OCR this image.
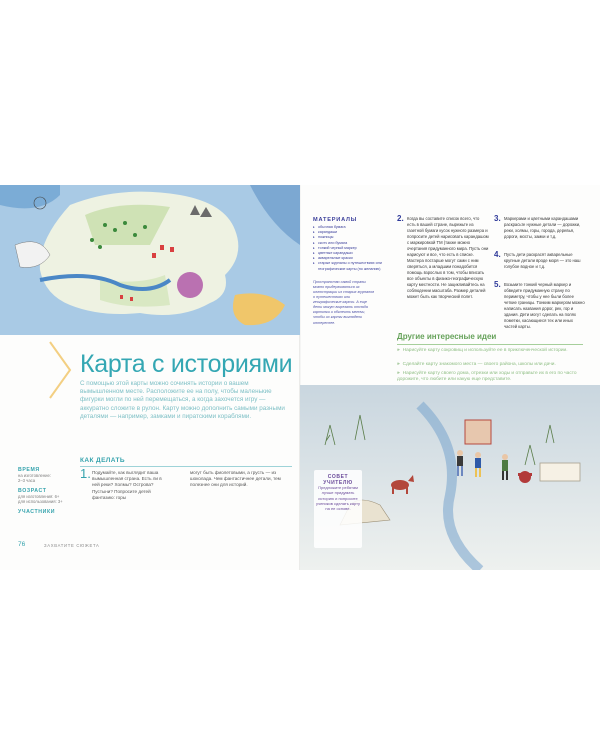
Карта с историями
С помощью этой карты можно сочинять истории о вашем вымышленном месте. Расположите ее на полу, чтобы маленькие фигурки могли по ней перемещаться, а когда захочется игру — аккуратно сложите в рулон. Карту можно дополнить самыми разными деталями — например, замками и пиратскими кораблями.
ВРЕМЯ
на изготовление:
2–3 часа
ВОЗРАСТ
для изготовления: 6+
для использования: 3+
УЧАСТНИКИ
КАК ДЕЛАТЬ
1. Подумайте, как выглядит ваша вымышленная страна. Есть ли в ней реки? Холмы? Острова? Пустыни? Попросите детей фантазию: горы
могут быть фиолетовыми, а грусть — из шоколада. Чем фантастичнее детали, тем полезнее они для историй.
76	ЗАХВАТИТЕ СЮЖЕТА
МАТЕРИАЛЫ
▸ обычная бумага
▸ карандаши
▸ ножницы
▸ скотч или бумага
▸ тонкий черный маркер
▸ цветные карандаши
▸ акварельные краски
▸ старые журналы о путешествиях или географические карты (по желанию)
Пространство самой страны можно придерживаться из иллюстрации из старых журналов о путешествиях или географические карты. А еще дети могут вырезать отсюда картинки и обклеить мелочи, чтобы их карты выглядели интереснее.
2. Когда вы составите список всего, что есть в вашей стране, вырежьте из газетной бумаги кусок нужного размера и попросите детей нарисовать карандашом с маркировкой TM (также можно очертания придуманного мира. Пусть они нарисуют и все, что есть в списке. Мастера постарше могут сами с ним сверяться, а младшим понадобится помощь взрослых в том, чтобы вписать все объекты в физико-географическую карту местности. Не зацикливайтесь на соблюдении масштаба. Размер деталей может быть как творческий полет.
3. Маркерами и цветными карандашами раскрасьте нужные детали — дорожки, реки, холмы, горы, города, деревья, дороги, мосты, замки и т.д.
4. Пусть дети раскрасят акварельные крупные детали вроде моря — это наш голубое водное и т.д.
5. Возьмите тонкий черный маркер и обведите придуманную страну по периметру, чтобы у нее были более четкие границы. Тонким маркером можно написать названия дорог, рек, гор и здания. Дети могут сделать на полях пометки, касающиеся тех или иных частей карты.
Другие интересные идеи
» Нарисуйте карту сокровищ и используйте ее в приключенческой истории.
» Сделайте карту знакомого места — своего района, школы или дачи.
» Нарисуйте карту своего дома, отрезки или ходы и отправьте их в его по часто дорожите, что любите или какую еще представите.
СОВЕТ УЧИТЕЛЮ
Предложите ребятам лучше придумать историю и попросите учеников сделать карту на ее основе.
